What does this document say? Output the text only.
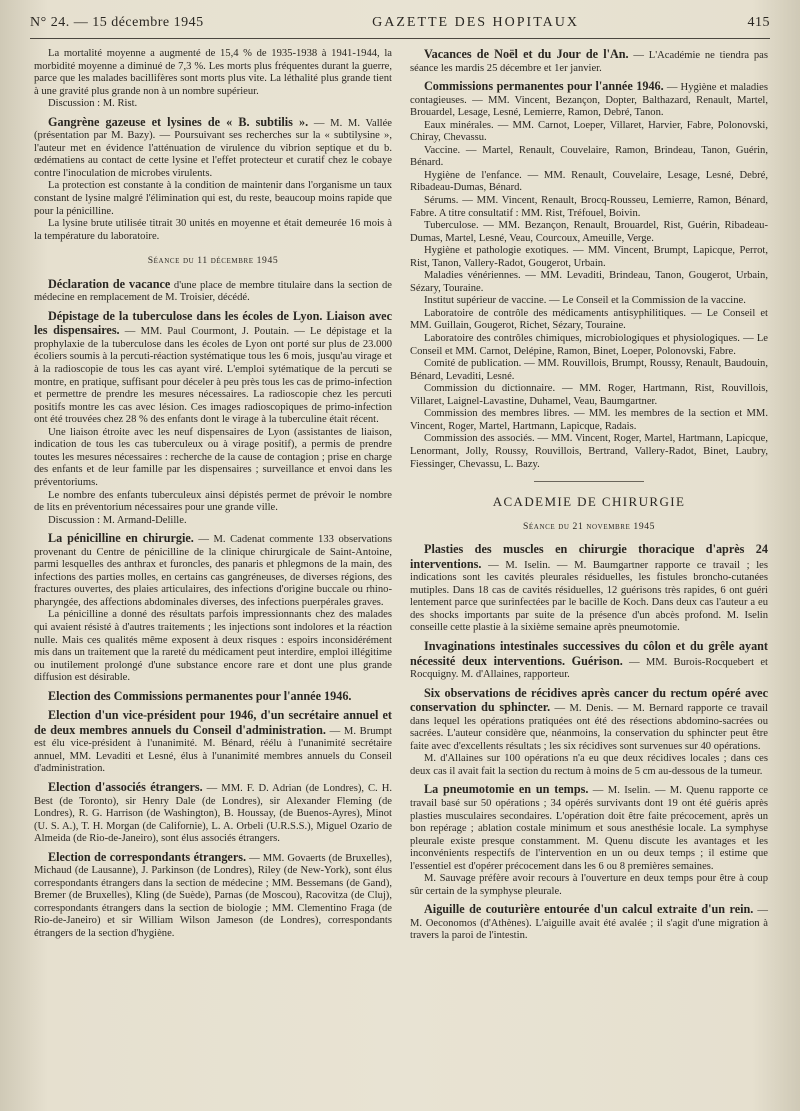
N° 24. — 15 décembre 1945	GAZETTE DES HOPITAUX	415

La mortalité moyenne a augmenté de 15,4 % de 1935-1938 à 1941-1944, la morbidité moyenne a diminué de 7,3 %. Les morts plus fréquentes durant la guerre, parce que les malades bacillifères sont morts plus vite. La léthalité plus grande tient à une gravité plus grande non à un nombre supérieur.

Discussion : M. Rist.

Gangrène gazeuse et lysines de « B. subtilis ». — M. M. Vallée (présentation par M. Bazy). — Poursuivant ses recherches sur la « subtilysine », l'auteur met en évidence l'atténuation de virulence du vibrion septique et du b. œdématiens au contact de cette lysine et l'effet protecteur et curatif chez le cobaye contre l'inoculation de microbes virulents.

La protection est constante à la condition de maintenir dans l'organisme un taux constant de lysine malgré l'élimination qui est, du reste, beaucoup moins rapide que pour la pénicilline.

La lysine brute utilisée titrait 30 unités en moyenne et était demeurée 16 mois à la température du laboratoire.

Séance du 11 décembre 1945

Déclaration de vacance d'une place de membre titulaire dans la section de médecine en remplacement de M. Troisier, décédé.

Dépistage de la tuberculose dans les écoles de Lyon. Liaison avec les dispensaires. — MM. Paul Courmont, J. Poutain. — Le dépistage et la prophylaxie de la tuberculose dans les écoles de Lyon ont porté sur plus de 23.000 écoliers soumis à la percuti-réaction systématique tous les 6 mois, jusqu'au virage et à la radioscopie de tous les cas ayant viré. L'emploi sytématique de la percuti se montre, en pratique, suffisant pour déceler à peu près tous les cas de primo-infection et permettre de prendre les mesures nécessaires. La radioscopie chez les percuti positifs montre les cas avec lésion. Ces images radioscopiques de primo-infection ont été trouvées chez 28 % des enfants dont le virage à la tuberculine était récent.

Une liaison étroite avec les neuf dispensaires de Lyon (assistantes de liaison, indication de tous les cas tuberculeux ou à virage positif), a permis de prendre toutes les mesures nécessaires : recherche de la cause de contagion ; prise en charge des enfants et de leur famille par les dispensaires ; surveillance et envoi dans les préventoriums.

Le nombre des enfants tuberculeux ainsi dépistés permet de prévoir le nombre de lits en préventorium nécessaires pour une grande ville.

Discussion : M. Armand-Delille.

La pénicilline en chirurgie. — M. Cadenat commente 133 observations provenant du Centre de pénicilline de la clinique chirurgicale de Saint-Antoine, parmi lesquelles des anthrax et furoncles, des panaris et phlegmons de la main, des infections des parties molles, en certains cas gangréneuses, de diverses régions, des fractures ouvertes, des plaies articulaires, des infections d'origine buccale ou rhino-pharyngée, des affections abdominales diverses, des infections puerpérales graves.

La pénicilline a donné des résultats parfois impressionnants chez des malades qui avaient résisté à d'autres traitements ; les injections sont indolores et la réaction nulle. Mais ces qualités même exposent à deux risques : espoirs inconsidérément mis dans un traitement que la rareté du médicament peut interdire, emploi illégitime ou inutilement prolongé d'une substance encore rare et dont une plus grande diffusion est désirable.

Election des Commissions permanentes pour l'année 1946.

Election d'un vice-président pour 1946, d'un secrétaire annuel et de deux membres annuels du Conseil d'administration. — M. Brumpt est élu vice-président à l'unanimité. M. Bénard, réélu à l'unanimité secrétaire annuel, MM. Levaditi et Lesné, élus à l'unanimité membres annuels du Conseil d'administration.

Election d'associés étrangers. — MM. F. D. Adrian (de Londres), C. H. Best (de Toronto), sir Henry Dale (de Londres), sir Alexander Fleming (de Londres), R. G. Harrison (de Washington), B. Houssay, (de Buenos-Ayres), Minot (U. S. A.), T. H. Morgan (de Californie), L. A. Orbeli (U.R.S.S.), Miguel Ozario de Almeida (de Rio-de-Janeiro), sont élus associés étrangers.

Election de correspondants étrangers. — MM. Govaerts (de Bruxelles), Michaud (de Lausanne), J. Parkinson (de Londres), Riley (de New-York), sont élus correspondants étrangers dans la section de médecine ; MM. Bessemans (de Gand), Bremer (de Bruxelles), Kling (de Suède), Parnas (de Moscou), Racovitza (de Cluj), correspondants étrangers dans la section de biologie ; MM. Clementino Fraga (de Rio-de-Janeiro) et sir William Wilson Jameson (de Londres), correspondants étrangers de la section d'hygiène.

Vacances de Noël et du Jour de l'An. — L'Académie ne tiendra pas séance les mardis 25 décembre et 1er janvier.

Commissions permanentes pour l'année 1946. — Hygiène et maladies contagieuses. — MM. Vincent, Bezançon, Dopter, Balthazard, Renault, Martel, Brouardel, Lesage, Lesné, Lemierre, Ramon, Debré, Tanon.

Eaux minérales. — MM. Carnot, Loeper, Villaret, Harvier, Fabre, Polonovski, Chiray, Chevassu.

Vaccine. — Martel, Renault, Couvelaire, Ramon, Brindeau, Tanon, Guérin, Bénard.

Hygiène de l'enfance. — MM. Renault, Couvelaire, Lesage, Lesné, Debré, Ribadeau-Dumas, Bénard.

Sérums. — MM. Vincent, Renault, Brocq-Rousseu, Lemierre, Ramon, Bénard, Fabre. A titre consultatif : MM. Rist, Tréfouel, Boivin.

Tuberculose. — MM. Bezançon, Renault, Brouardel, Rist, Guérin, Ribadeau-Dumas, Martel, Lesné, Veau, Courcoux, Ameuille, Verge.

Hygiène et pathologie exotiques. — MM. Vincent, Brumpt, Lapicque, Perrot, Rist, Tanon, Vallery-Radot, Gougerot, Urbain.

Maladies vénériennes. — MM. Levaditi, Brindeau, Tanon, Gougerot, Urbain, Sézary, Touraine.

Institut supérieur de vaccine. — Le Conseil et la Commission de la vaccine.

Laboratoire de contrôle des médicaments antisyphilitiques. — Le Conseil et MM. Guillain, Gougerot, Richet, Sézary, Touraine.

Laboratoire des contrôles chimiques, microbiologiques et physiologiques. — Le Conseil et MM. Carnot, Delépine, Ramon, Binet, Loeper, Polonovski, Fabre.

Comité de publication. — MM. Rouvillois, Brumpt, Roussy, Renault, Baudouin, Bénard, Levaditi, Lesné.

Commission du dictionnaire. — MM. Roger, Hartmann, Rist, Rouvillois, Villaret, Laignel-Lavastine, Duhamel, Veau, Baumgartner.

Commission des membres libres. — MM. les membres de la section et MM. Vincent, Roger, Martel, Hartmann, Lapicque, Radais.

Commission des associés. — MM. Vincent, Roger, Martel, Hartmann, Lapicque, Lenormant, Jolly, Roussy, Rouvillois, Bertrand, Vallery-Radot, Binet, Laubry, Fiessinger, Chevassu, L. Bazy.

ACADEMIE DE CHIRURGIE

Séance du 21 novembre 1945

Plasties des muscles en chirurgie thoracique d'après 24 interventions. — M. Iselin. — M. Baumgartner rapporte ce travail ; les indications sont les cavités pleurales résiduelles, les fistules broncho-cutanées mutiples. Dans 18 cas de cavités résiduelles, 12 guérisons très rapides, 6 ont guéri lentement parce que surinfectées par le bacille de Koch. Dans deux cas l'auteur a eu des shocks importants par suite de la présence d'un abcès profond. M. Iselin conseille cette plastie à la sixième semaine après pneumotomie.

Invaginations intestinales successives du côlon et du grêle ayant nécessité deux interventions. Guérison. — MM. Burois-Rocquebert et Rocquigny. M. d'Allaines, rapporteur.

Six observations de récidives après cancer du rectum opéré avec conservation du sphincter. — M. Denis. — M. Bernard rapporte ce travail dans lequel les opérations pratiquées ont été des résections abdomino-sacrées ou sacrées. L'auteur considère que, néanmoins, la conservation du sphincter peut être faite avec d'excellents résultats ; les six récidives sont survenues sur 40 opérations.

M. d'Allaines sur 100 opérations n'a eu que deux récidives locales ; dans ces deux cas il avait fait la section du rectum à moins de 5 cm au-dessous de la tumeur.

La pneumotomie en un temps. — M. Iselin. — M. Quenu rapporte ce travail basé sur 50 opérations ; 34 opérés survivants dont 19 ont été guéris après plasties musculaires secondaires. L'opération doit être faite précocement, après un bon repérage ; ablation costale minimum et sous anesthésie locale. La symphyse pleurale existe presque constamment. M. Quenu discute les avantages et les inconvénients respectifs de l'intervention en un ou deux temps ; il estime que l'essentiel est d'opérer précocement dans les 6 ou 8 premières semaines.

M. Sauvage préfère avoir recours à l'ouverture en deux temps pour être à coup sûr certain de la symphyse pleurale.

Aiguille de couturière entourée d'un calcul extraite d'un rein. — M. Oeconomos (d'Athènes). L'aiguille avait été avalée ; il s'agit d'une migration à travers la paroi de l'intestin.
